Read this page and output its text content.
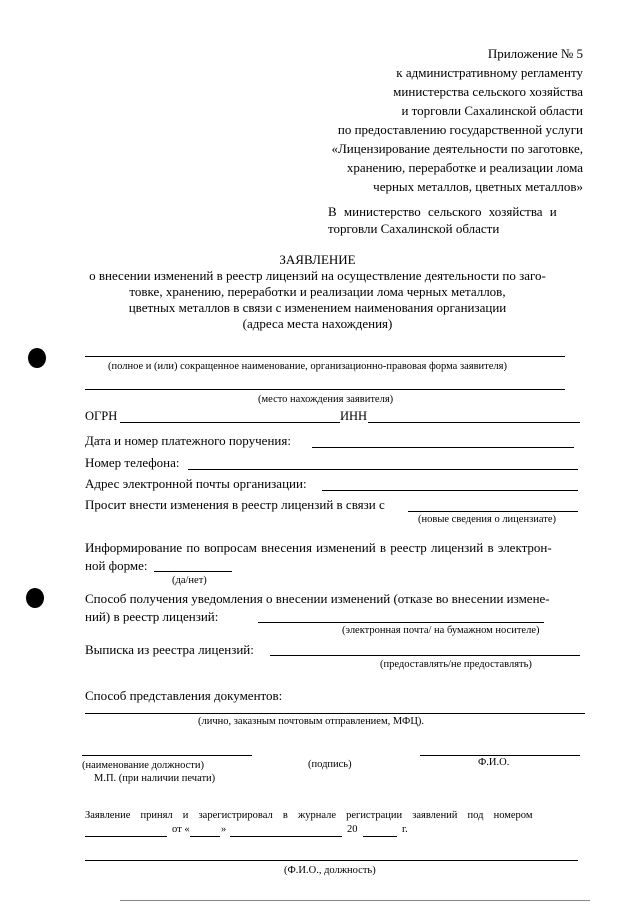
Приложение № 5
к административному регламенту
министерства сельского хозяйства
и торговли Сахалинской области
по предоставлению государственной услуги
«Лицензирование деятельности по заготовке,
хранению, переработке и реализации лома
черных металлов, цветных металлов»
В министерство сельского хозяйства и
торговли Сахалинской области
ЗАЯВЛЕНИЕ
о внесении изменений в реестр лицензий на осуществление деятельности по заго-
товке, хранению, переработки и реализации лома черных металлов,
цветных металлов в связи с изменением наименования организации
(адреса места нахождения)
(полное и (или) сокращенное наименование, организационно-правовая форма заявителя)
(место нахождения заявителя)
ОГРН	ИНН
Дата и номер платежного поручения:
Номер телефона:
Адрес электронной почты организации:
Просит внести изменения в реестр лицензий в связи с
(новые сведения о лицензиате)
Информирование по вопросам внесения изменений в реестр лицензий в электрон-
ной форме:
(да/нет)
Способ получения уведомления о внесении изменений (отказе во внесении измене-
ний) в реестр лицензий:
(электронная почта/ на бумажном носителе)
Выписка из реестра лицензий:
(предоставлять/не предоставлять)
Способ представления документов:
(лично, заказным почтовым отправлением, МФЦ).
(наименование должности)	(подпись)	Ф.И.О.
М.П. (при наличии печати)
Заявление принял и зарегистрировал в журнале регистрации заявлений под номером
от «	»	20	г.
(Ф.И.О., должность)
